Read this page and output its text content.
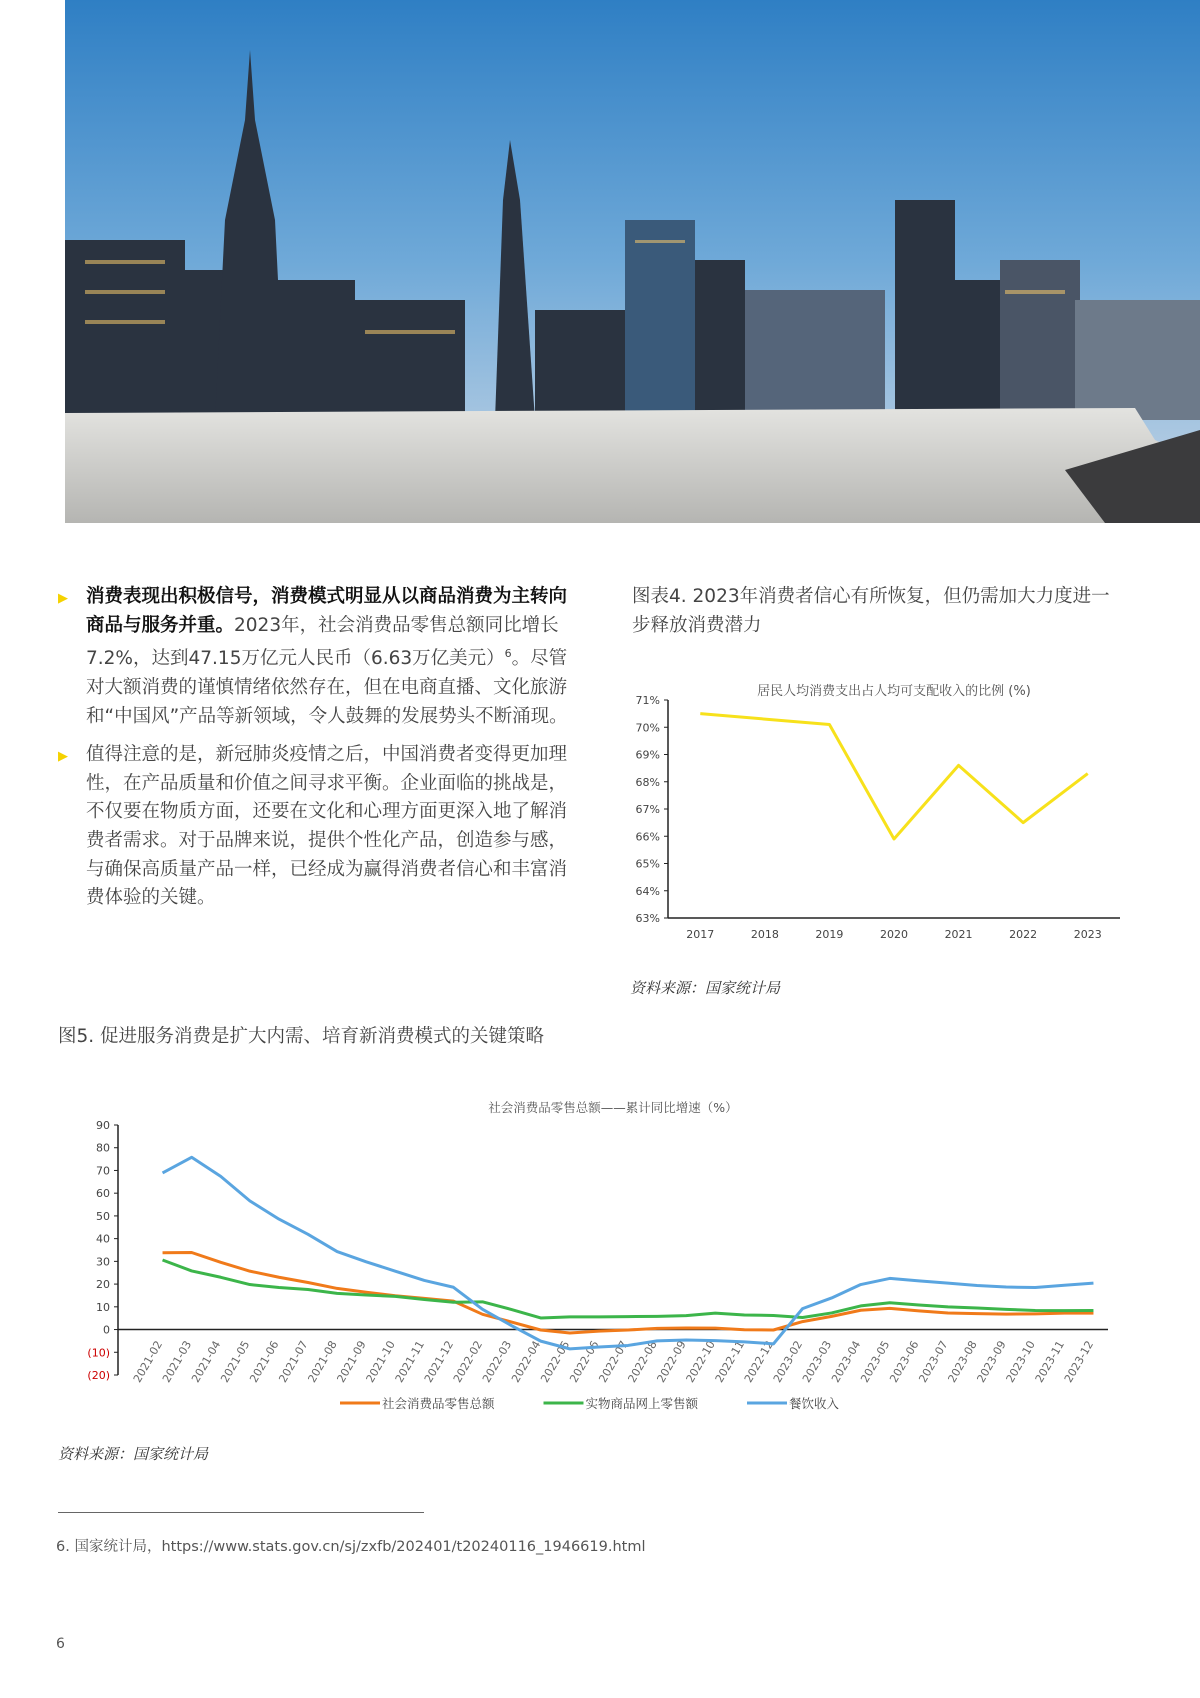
▶ 消费表现出积极信号，消费模式明显从以商品消费为主转向商品与服务并重。2023年，社会消费品零售总额同比增长7.2%，达到47.15万亿元人民币（6.63万亿美元）$^6$。尽管对大额消费的谨慎情绪依然存在，但在电商直播、文化旅游和“中国风”产品等新领域，令人鼓舞的发展势头不断涌现。
▶ 值得注意的是，新冠肺炎疫情之后，中国消费者变得更加理性，在产品质量和价值之间寻求平衡。企业面临的挑战是，不仅要在物质方面，还要在文化和心理方面更深入地了解消费者需求。对于品牌来说，提供个性化产品，创造参与感，与确保高质量产品一样，已经成为赢得消费者信心和丰富消费体验的关键。
图表4. 2023年消费者信心有所恢复，但仍需加大力度进一步释放消费潜力
居民人均消费支出占人均可支配收入的比例 (%)
63%
64%
65%
66%
67%
68%
69%
70%
71%
2017	2018	2019	2020	2021	2022	2023
资料来源：国家统计局
图5. 促进服务消费是扩大内需、培育新消费模式的关键策略
社会消费品零售总额——累计同比增速（%）
(20)
(10)
0
10
20
30
40
50
60
70
80
90
2021-02
2021-03
2021-04
2021-05
2021-06
2021-07
2021-08
2021-09
2021-10
2021-11
2021-12
2022-02
2022-03
2022-04
2022-05
2022-06
2022-07
2022-08
2022-09
2022-10
2022-11
2022-12
2023-02
2023-03
2023-04
2023-05
2023-06
2023-07
2023-08
2023-09
2023-10
2023-11
2023-12
社会消费品零售总额	实物商品网上零售额	餐饮收入
资料来源：国家统计局
6. 国家统计局，https://www.stats.gov.cn/sj/zxfb/202401/t20240116_1946619.html
6
